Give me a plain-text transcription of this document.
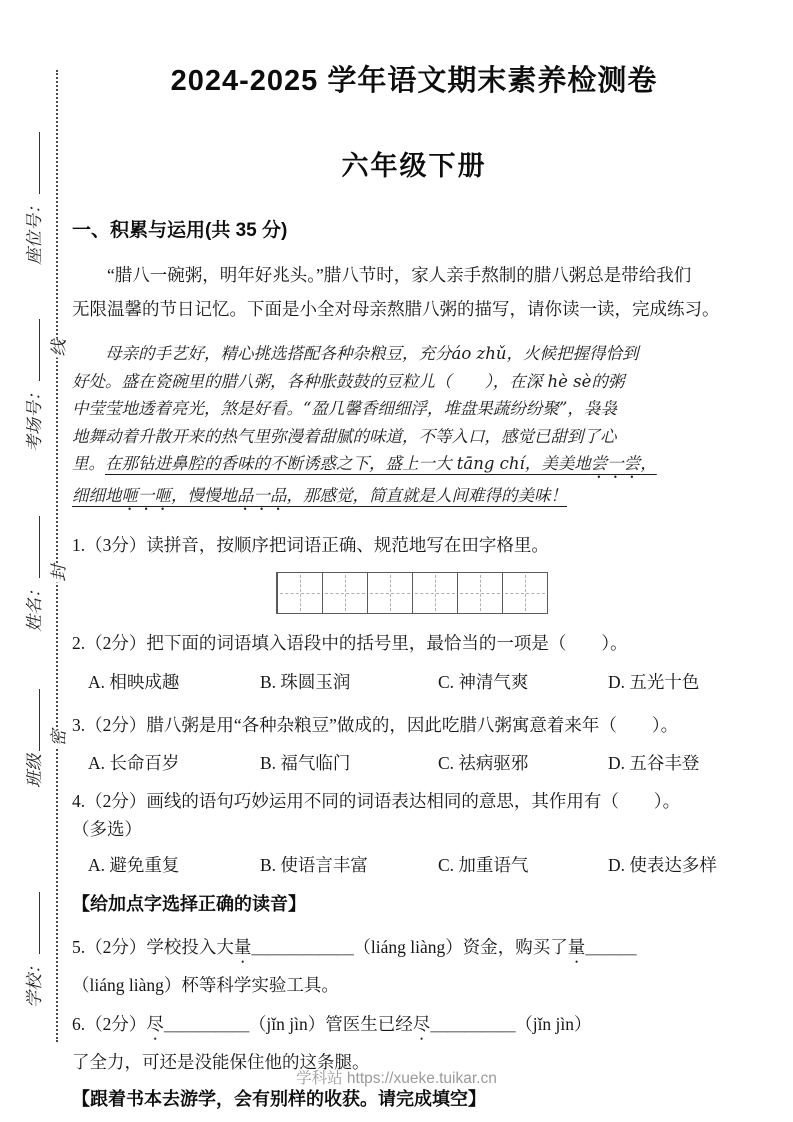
线
封
密
座位号：
考场号：
姓名：
班级
学校：
2024-2025 学年语文期末素养检测卷
六年级下册
一、积累与运用(共 35 分)
　　“腊八一碗粥，明年好兆头。”腊八节时，家人亲手熬制的腊八粥总是带给我们
无限温馨的节日记忆。下面是小全对母亲熬腊八粥的描写，请你读一读，完成练习。
　　母亲的手艺好，精心挑选搭配各种杂粮豆，充分áo zhǔ，火候把握得恰到
好处。盛在瓷碗里的腊八粥，各种胀鼓鼓的豆粒儿（　　），在深 hè sè的粥
中莹莹地透着亮光，煞是好看。“盈几馨香细细浮，堆盘果蔬纷纷聚”，袅袅
地舞动着升散开来的热气里弥漫着甜腻的味道，不等入口，感觉已甜到了心
里。在那钻进鼻腔的香味的不断诱惑之下，盛上一大 tāng chí，美美地尝一尝，
细细地咂一咂，慢慢地品一品，那感觉，简直就是人间难得的美味！
1.（3分）读拼音，按顺序把词语正确、规范地写在田字格里。
2.（2分）把下面的词语填入语段中的括号里，最恰当的一项是（　　）。
A. 相映成趣	B. 珠圆玉润	C. 神清气爽	D. 五光十色
3.（2分）腊八粥是用“各种杂粮豆”做成的，因此吃腊八粥寓意着来年（　　）。
A. 长命百岁	B. 福气临门	C. 祛病驱邪	D. 五谷丰登
4.（2分）画线的语句巧妙运用不同的词语表达相同的意思，其作用有（　　）。
（多选）
A. 避免重复	B. 使语言丰富	C. 加重语气	D. 使表达多样
【给加点字选择正确的读音】
5.（2分）学校投入大量＿＿＿＿＿＿（liáng liàng）资金，购买了量＿＿＿
（liáng liàng）杯等科学实验工具。
6.（2分）尽＿＿＿＿＿（jǐn jìn）管医生已经尽＿＿＿＿＿（jǐn jìn）
了全力，可还是没能保住他的这条腿。
【跟着书本去游学，会有别样的收获。请完成填空】
学科站 https://xueke.tuikar.cn
